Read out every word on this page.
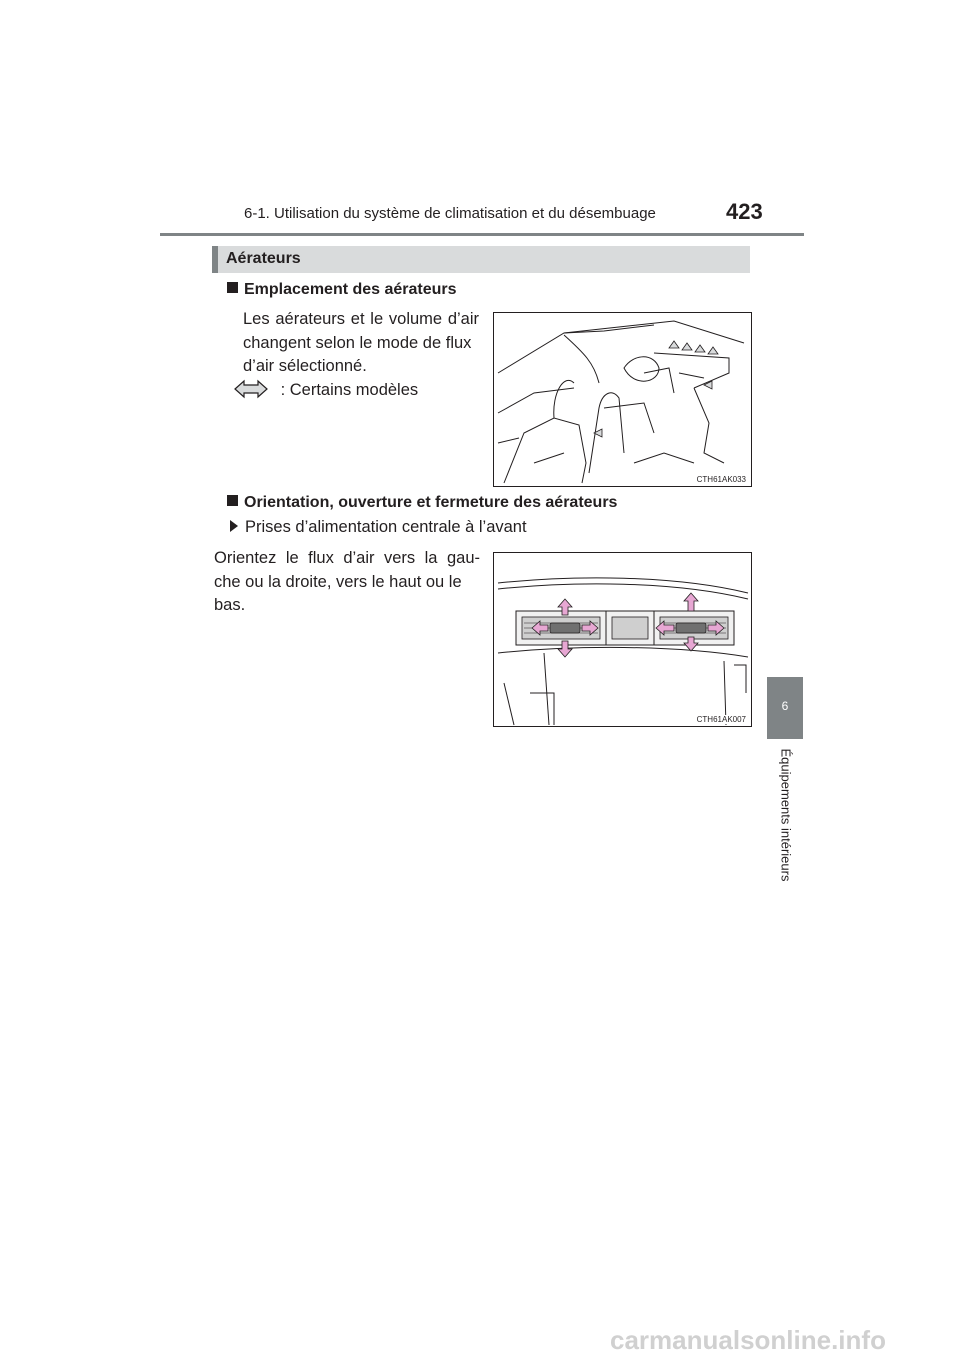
6-1. Utilisation du système de climatisation et du désembuage	423
Aérateurs
Emplacement des aérateurs
Les aérateurs et le volume d’air changent selon le mode de flux
d’air sélectionné.
: Certains modèles
CTH61AK033
Orientation, ouverture et fermeture des aérateurs
Prises d’alimentation centrale à l’avant
Orientez le flux d’air vers la gau- che ou la droite, vers le haut ou le
bas.
CTH61AK007
6
Équipements intérieurs
carmanualsonline.info
